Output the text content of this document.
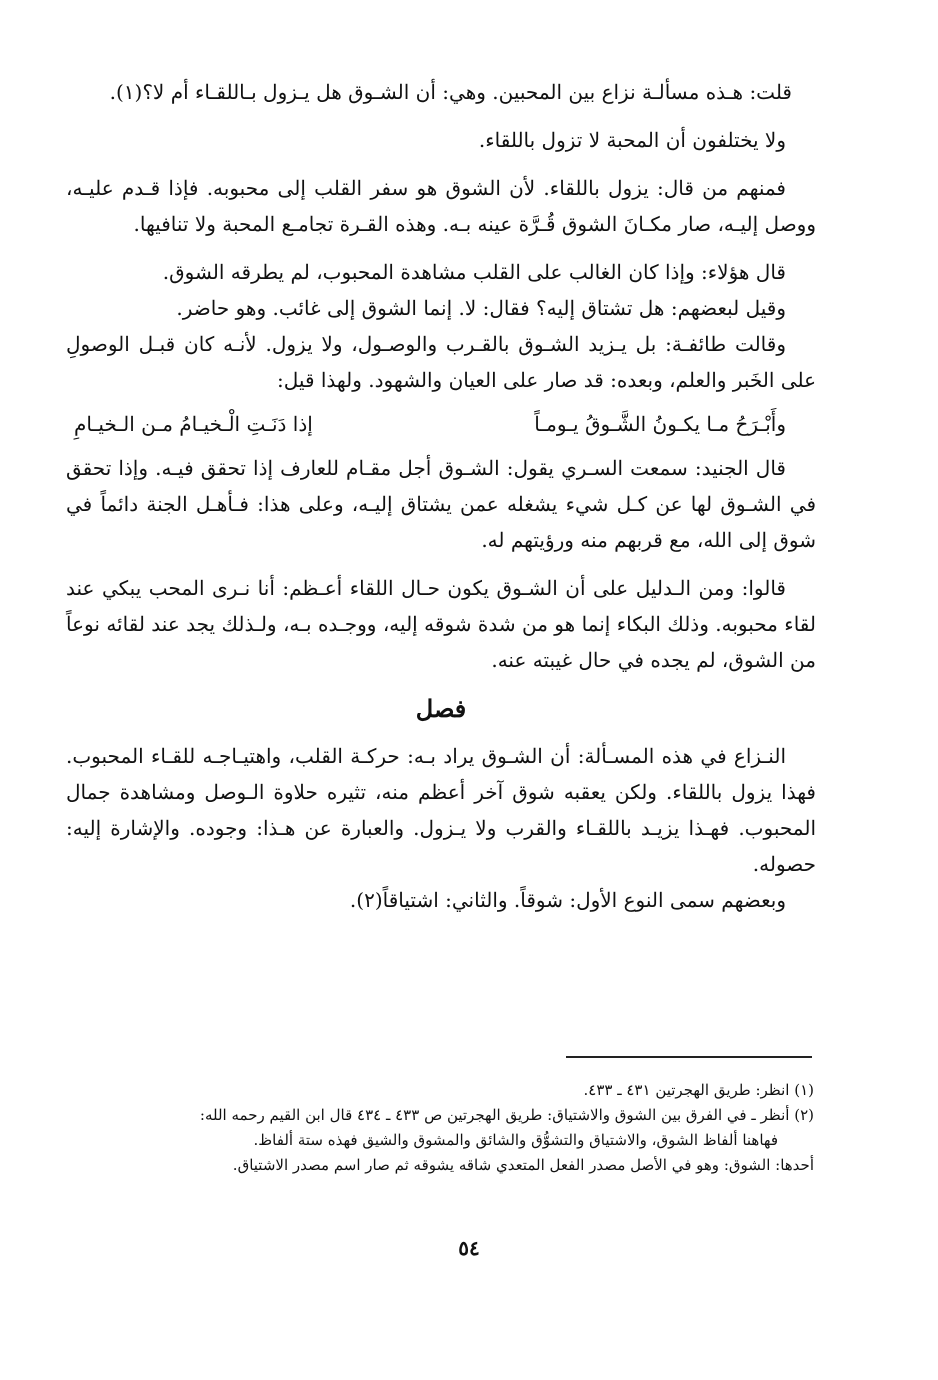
قلت: هـذه مسألـة نزاع بين المحبين. وهي: أن الشـوق هل يـزول بـاللقـاء أم لا؟(١).

ولا يختلفون أن المحبة لا تزول باللقاء.

فمنهم من قال: يزول باللقاء. لأن الشوق هو سفر القلب إلى محبوبه. فإذا قـدم عليـه، ووصل إليـه، صار مكـانَ الشوق قُـرَّة عينه بـه. وهذه القـرة تجامـع المحبة ولا تنافيها.

قال هؤلاء: وإذا كان الغالب على القلب مشاهدة المحبوب، لم يطرقه الشوق.

وقيل لبعضهم: هل تشتاق إليه؟ فقال: لا. إنما الشوق إلى غائب. وهو حاضر.

وقالت طائفـة: بل يـزيد الشـوق بالقـرب والوصـول، ولا يزول. لأنـه كان قبـل الوصولِ على الخَبر والعلم، وبعده: قد صار على العيان والشهود. ولهذا قيل:

وأَبْـرَحُ مـا يكـونُ الشَّـوقُ يـومـاً
إذا دَنَـتِ الْـخيـامُ مـن الـخيـامِ

قال الجنيد: سمعت السـري يقول: الشـوق أجل مقـام للعارف إذا تحقق فيـه. وإذا تحقق في الشـوق لها عن كـل شيء يشغله عمن يشتاق إليـه، وعلى هذا: فـأهـل الجنة دائماً في شوق إلى الله، مع قربهم منه ورؤيتهم له.

قالوا: ومن الـدليل على أن الشـوق يكون حـال اللقاء أعـظم: أنا نـرى المحب يبكي عند لقاء محبوبه. وذلك البكاء إنما هو من شدة شوقه إليه، ووجـده بـه، ولـذلك يجد عند لقائه نوعاً من الشوق، لم يجده في حال غيبته عنه.

فصل

النـزاع في هذه المسـألة: أن الشـوق يراد بـه: حركـة القلب، واهتيـاجـه للقـاء المحبوب. فهذا يزول باللقاء. ولكن يعقبه شوق آخر أعظم منه، تثيره حلاوة الـوصل ومشاهدة جمال المحبوب. فهـذا يزيـد باللقـاء والقرب ولا يـزول. والعبارة عن هـذا: وجوده. والإشارة إليه: حصوله.

وبعضهم سمى النوع الأول: شوقاً. والثاني: اشتياقاً(٢).

(١) انظر: طريق الهجرتين ٤٣١ ـ ٤٣٣.

(٢) أنظر ـ في الفرق بين الشوق والاشتياق: طريق الهجرتين ص ٤٣٣ ـ ٤٣٤ قال ابن القيم رحمه الله:

فهاهنا ألفاظ الشوق، والاشتياق والتشوُّق والشائق والمشوق والشيق فهذه ستة ألفاظ.

أحدها: الشوق: وهو في الأصل مصدر الفعل المتعدي شاقه يشوقه ثم صار اسم مصدر الاشتياق.

٥٤
